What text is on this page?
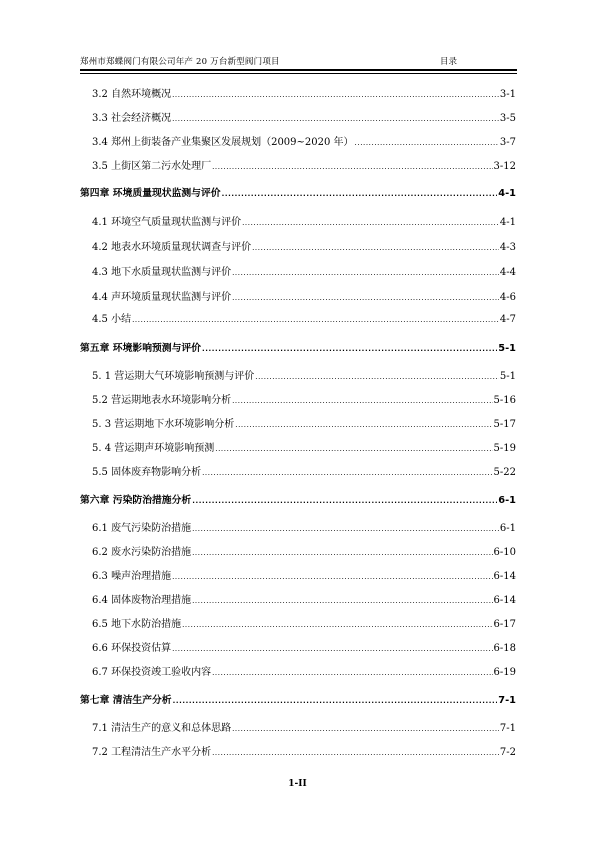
郑州市郑蝶阀门有限公司年产 20 万台新型阀门项目	目录
3.2 自然环境概况 .....	3-1
3.3 社会经济概况 .....	3-5
3.4 郑州上街装备产业集聚区发展规划（2009~2020 年） .....	3-7
3.5 上街区第二污水处理厂 .....	3-12
第四章 环境质量现状监测与评价 .....	4-1
4.1 环境空气质量现状监测与评价 .....	4-1
4.2 地表水环境质量现状调查与评价 .....	4-3
4.3 地下水质量现状监测与评价 .....	4-4
4.4 声环境质量现状监测与评价 .....	4-6
4.5 小结 .....	4-7
第五章 环境影响预测与评价 .....	5-1
5. 1 营运期大气环境影响预测与评价 .....	5-1
5.2 营运期地表水环境影响分析 .....	5-16
5. 3 营运期地下水环境影响分析 .....	5-17
5. 4 营运期声环境影响预测 .....	5-19
5.5 固体废弃物影响分析 .....	5-22
第六章 污染防治措施分析 .....	6-1
6.1 废气污染防治措施 .....	6-1
6.2 废水污染防治措施 .....	6-10
6.3 噪声治理措施 .....	6-14
6.4 固体废物治理措施 .....	6-14
6.5 地下水防治措施 .....	6-17
6.6 环保投资估算 .....	6-18
6.7 环保投资竣工验收内容 .....	6-19
第七章 清洁生产分析 .....	7-1
7.1 清洁生产的意义和总体思路 .....	7-1
7.2 工程清洁生产水平分析 .....	7-2
1-II
